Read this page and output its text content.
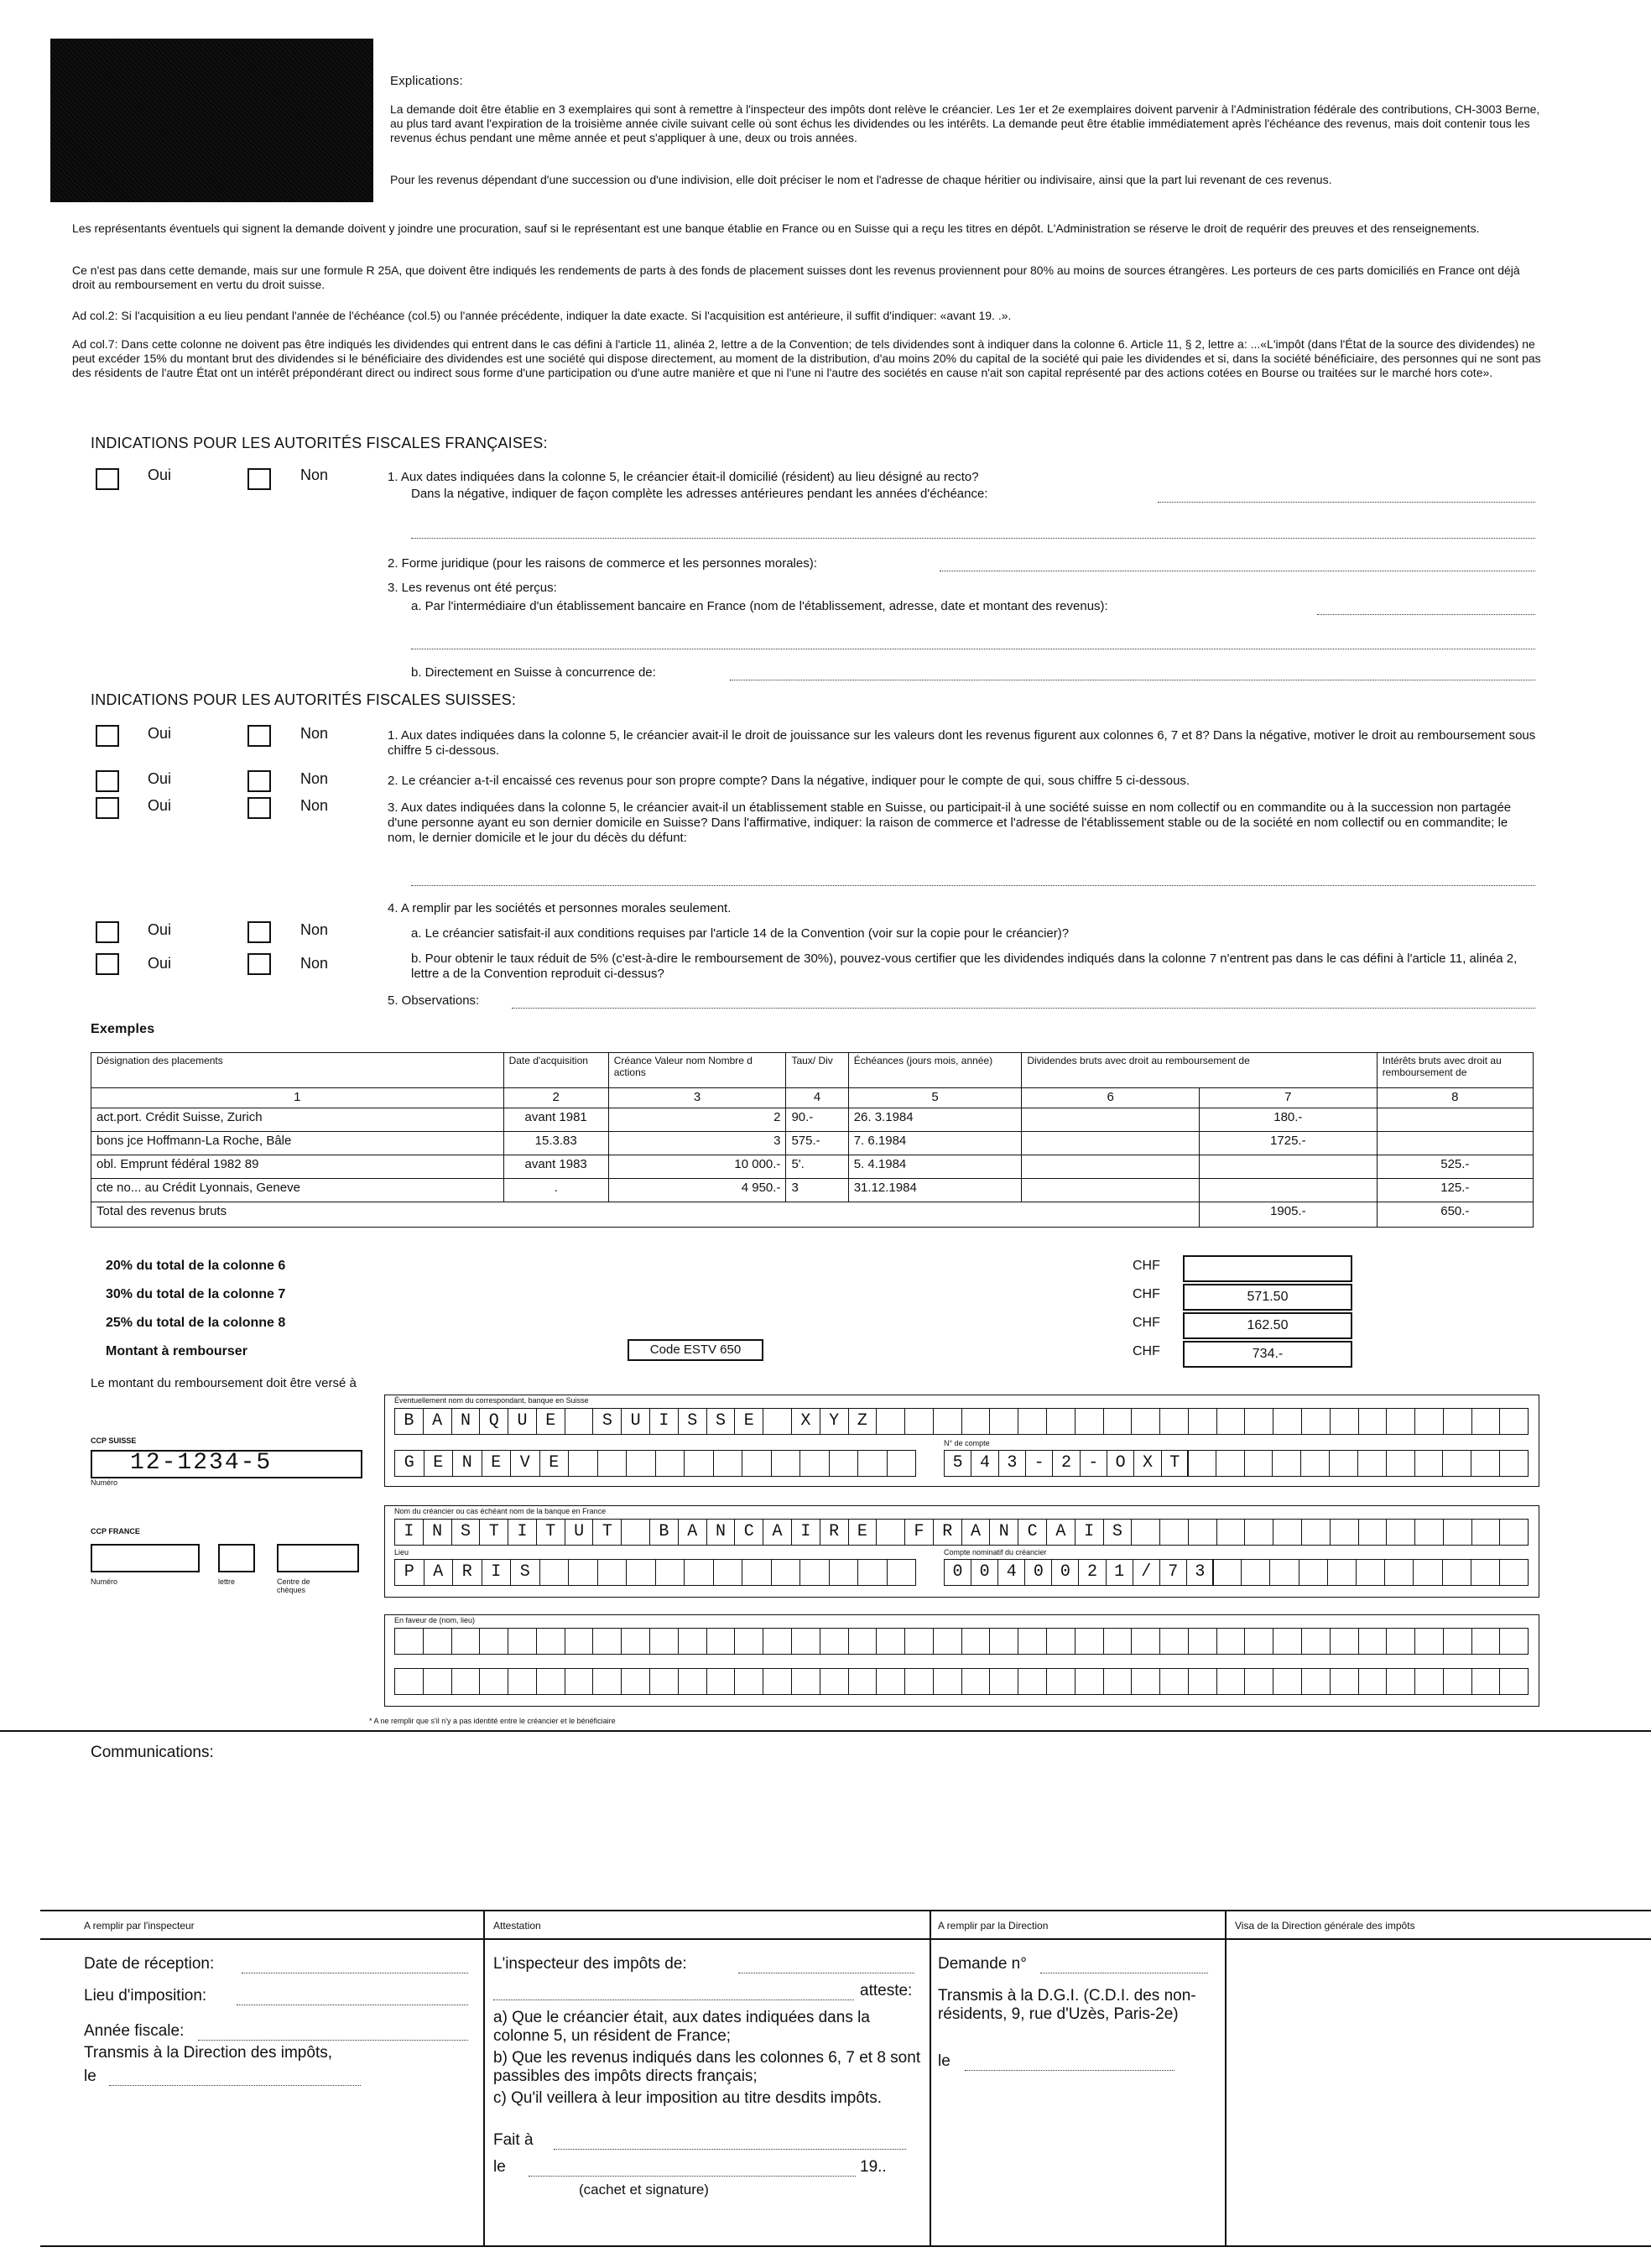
Explications:
La demande doit être établie en 3 exemplaires qui sont à remettre à l'inspecteur des impôts dont relève le créancier. Les 1er et 2e exemplaires doivent parvenir à l'Administration fédérale des contributions, CH-3003 Berne, au plus tard avant l'expiration de la troisième année civile suivant celle où sont échus les dividendes ou les intérêts. La demande peut être établie immédiatement après l'échéance des revenus, mais doit contenir tous les revenus échus pendant une même année et peut s'appliquer à une, deux ou trois années.
Pour les revenus dépendant d'une succession ou d'une indivision, elle doit préciser le nom et l'adresse de chaque héritier ou indivisaire, ainsi que la part lui revenant de ces revenus.
Les représentants éventuels qui signent la demande doivent y joindre une procuration, sauf si le représentant est une banque établie en France ou en Suisse qui a reçu les titres en dépôt. L'Administration se réserve le droit de requérir des preuves et des renseignements.
Ce n'est pas dans cette demande, mais sur une formule R 25A, que doivent être indiqués les rendements de parts à des fonds de placement suisses dont les revenus proviennent pour 80% au moins de sources étrangères. Les porteurs de ces parts domiciliés en France ont déjà droit au remboursement en vertu du droit suisse.
Ad col.2: Si l'acquisition a eu lieu pendant l'année de l'échéance (col.5) ou l'année précédente, indiquer la date exacte. Si l'acquisition est antérieure, il suffit d'indiquer: «avant 19. .».
Ad col.7: Dans cette colonne ne doivent pas être indiqués les dividendes qui entrent dans le cas défini à l'article 11, alinéa 2, lettre a de la Convention; de tels dividendes sont à indiquer dans la colonne 6. Article 11, § 2, lettre a: ...«L'impôt (dans l'État de la source des dividendes) ne peut excéder 15% du montant brut des dividendes si le bénéficiaire des dividendes est une société qui dispose directement, au moment de la distribution, d'au moins 20% du capital de la société qui paie les dividendes et si, dans la société bénéficiaire, des personnes qui ne sont pas des résidents de l'autre État ont un intérêt prépondérant direct ou indirect sous forme d'une participation ou d'une autre manière et que ni l'une ni l'autre des sociétés en cause n'ait son capital représenté par des actions cotées en Bourse ou traitées sur le marché hors cote».
INDICATIONS POUR LES AUTORITÉS FISCALES FRANÇAISES:
Oui	Non	1. Aux dates indiquées dans la colonne 5, le créancier était-il domicilié (résident) au lieu désigné au recto?
Dans la négative, indiquer de façon complète les adresses antérieures pendant les années d'échéance:
2. Forme juridique (pour les raisons de commerce et les personnes morales):
3. Les revenus ont été perçus:
a. Par l'intermédiaire d'un établissement bancaire en France (nom de l'établissement, adresse, date et montant des revenus):
b. Directement en Suisse à concurrence de:
INDICATIONS POUR LES AUTORITÉS FISCALES SUISSES:
Oui	Non	1. Aux dates indiquées dans la colonne 5, le créancier avait-il le droit de jouissance sur les valeurs dont les revenus figurent aux colonnes 6, 7 et 8? Dans la négative, motiver le droit au remboursement sous chiffre 5 ci-dessous.
Oui	Non	2. Le créancier a-t-il encaissé ces revenus pour son propre compte? Dans la négative, indiquer pour le compte de qui, sous chiffre 5 ci-dessous.
Oui	Non	3. Aux dates indiquées dans la colonne 5, le créancier avait-il un établissement stable en Suisse, ou participait-il à une société suisse en nom collectif ou en commandite ou à la succession non partagée d'une personne ayant eu son dernier domicile en Suisse? Dans l'affirmative, indiquer: la raison de commerce et l'adresse de l'établissement stable ou de la société en nom collectif ou en commandite; le nom, le dernier domicile et le jour du décès du défunt:
4. A remplir par les sociétés et personnes morales seulement.
Oui	Non	a. Le créancier satisfait-il aux conditions requises par l'article 14 de la Convention (voir sur la copie pour le créancier)?
Oui	Non	b. Pour obtenir le taux réduit de 5% (c'est-à-dire le remboursement de 30%), pouvez-vous certifier que les dividendes indiqués dans la colonne 7 n'entrent pas dans le cas défini à l'article 11, alinéa 2, lettre a de la Convention reproduit ci-dessus?
5. Observations:
Exemples
Désignation des placements	Date d'acquisition	Créance Valeur nom Nombre d actions	Taux/ Div	Échéances (jours mois, année)	Dividendes bruts avec droit au remboursement de		Intérêts bruts avec droit au remboursement de
1	2	3	4	5	6	7	8
act.port. Crédit Suisse, Zurich	avant 1981	2	90.-	26. 3.1984		180.-	
bons jce Hoffmann-La Roche, Bâle	15.3.83	3	575.-	7. 6.1984		1725.-	
obl. Emprunt fédéral 1982 89	avant 1983	10 000.-	5'.	5. 4.1984			525.-
cte no... au Crédit Lyonnais, Geneve	.	4 950.-	3	31.12.1984			125.-
Total des revenus bruts						1905.-	650.-
20% du total de la colonne 6	CHF
30% du total de la colonne 7	CHF	571.50
25% du total de la colonne 8	CHF	162.50
Montant à rembourser	CHF	734.-
Code ESTV 650
Le montant du remboursement doit être versé à
CCP SUISSE
12-1234-5
Numéro
CCP FRANCE
Numéro	lettre	Centre de chèques
Éventuellement nom du correspondant, banque en Suisse
B	A	N	Q	U	E	S	U	I	S	S	E	X	Y	Z
G	E	N	E	V	E
N° de compte
5	4	3	-	2	-	O	X	T
Nom du créancier ou cas échéant nom de la banque en France
I	N	S	T	I	T	U	T	B	A	N	C	A	I	R	E	F	R	A	N	C	A	I	S
Lieu
P	A	R	I	S
Compte nominatif du créancier
0	0	4	0	0	2	1	/	7	3
En faveur de (nom, lieu)
* A ne remplir que s'il n'y a pas identité entre le créancier et le bénéficiaire
Communications:
A remplir par l'inspecteur	Attestation	A remplir par la Direction	Visa de la Direction générale des impôts
Date de réception:
Lieu d'imposition:
Année fiscale:
Transmis à la Direction des impôts,
le
L'inspecteur des impôts de:
atteste:
a) Que le créancier était, aux dates indiquées dans la colonne 5, un résident de France;
b) Que les revenus indiqués dans les colonnes 6, 7 et 8 sont passibles des impôts directs français;
c) Qu'il veillera à leur imposition au titre desdits impôts.
Fait à
le	19..
(cachet et signature)
Demande n°
Transmis à la D.G.I. (C.D.I. des non-résidents, 9, rue d'Uzès, Paris-2e)
le
